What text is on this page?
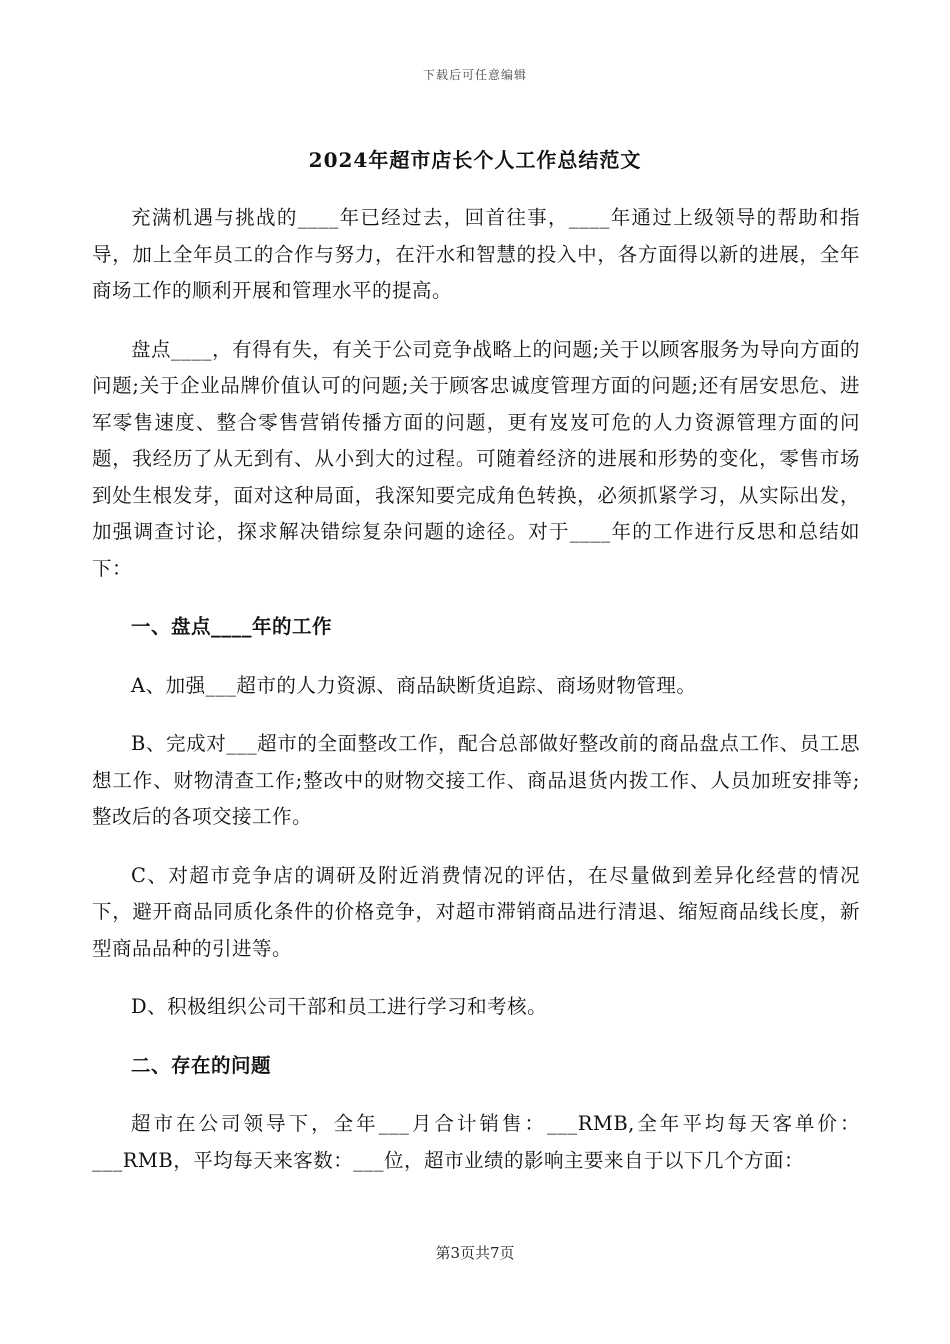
下载后可任意编辑
2024年超市店长个人工作总结范文

充满机遇与挑战的____年已经过去，回首往事，____年通过上级领导的帮助和指导，加上全年员工的合作与努力，在汗水和智慧的投入中，各方面得以新的进展，全年商场工作的顺利开展和管理水平的提高。

盘点____，有得有失，有关于公司竞争战略上的问题;关于以顾客服务为导向方面的问题;关于企业品牌价值认可的问题;关于顾客忠诚度管理方面的问题;还有居安思危、进军零售速度、整合零售营销传播方面的问题，更有岌岌可危的人力资源管理方面的问题，我经历了从无到有、从小到大的过程。可随着经济的进展和形势的变化，零售市场到处生根发芽，面对这种局面，我深知要完成角色转换，必须抓紧学习，从实际出发，加强调查讨论，探求解决错综复杂问题的途径。对于____年的工作进行反思和总结如下：

一、盘点____年的工作

A、加强___超市的人力资源、商品缺断货追踪、商场财物管理。

B、完成对___超市的全面整改工作，配合总部做好整改前的商品盘点工作、员工思想工作、财物清查工作;整改中的财物交接工作、商品退货内拨工作、人员加班安排等;整改后的各项交接工作。

C、对超市竞争店的调研及附近消费情况的评估，在尽量做到差异化经营的情况下，避开商品同质化条件的价格竞争，对超市滞销商品进行清退、缩短商品线长度，新型商品品种的引进等。

D、积极组织公司干部和员工进行学习和考核。

二、存在的问题

超市在公司领导下，全年___月合计销售：___RMB,全年平均每天客单价：___RMB，平均每天来客数：___位，超市业绩的影响主要来自于以下几个方面：

第3页共7页
